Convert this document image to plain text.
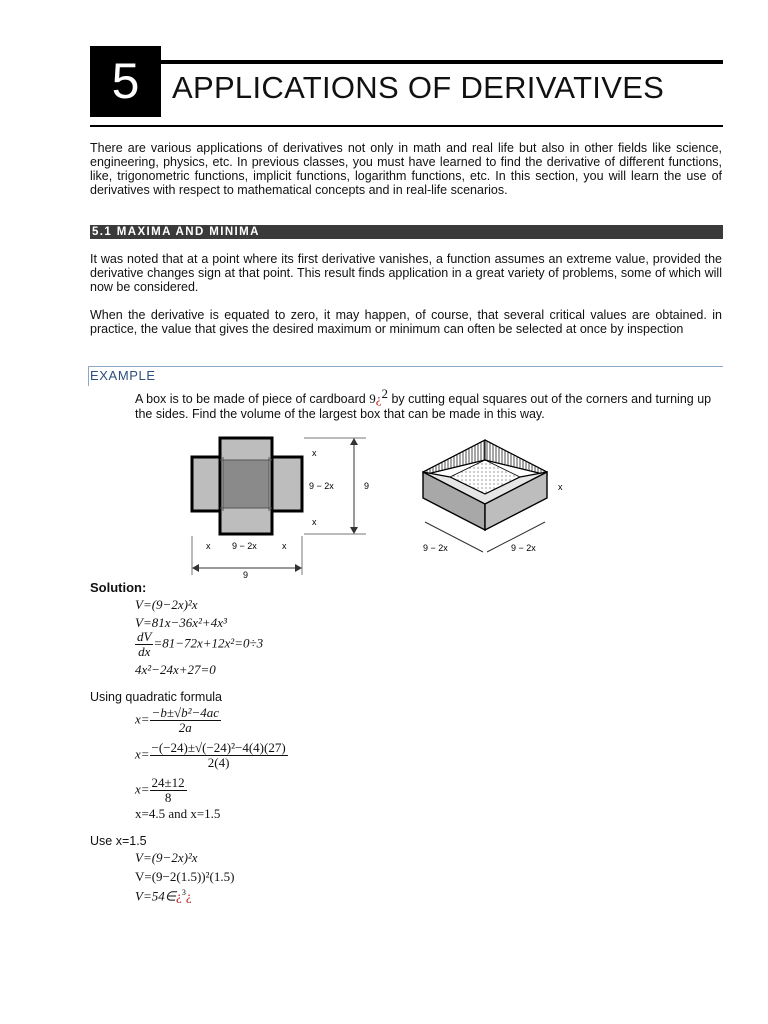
5	APPLICATIONS OF DERIVATIVES
There are various applications of derivatives not only in math and real life but also in other fields like science, engineering, physics, etc. In previous classes, you must have learned to find the derivative of different functions, like, trigonometric functions, implicit functions, logarithm functions, etc. In this section, you will learn the use of derivatives with respect to mathematical concepts and in real-life scenarios.
5.1 MAXIMA AND MINIMA
It was noted that at a point where its first derivative vanishes, a function assumes an extreme value, provided the derivative changes sign at that point. This result finds application in a great variety of problems, some of which will now be considered.
When the derivative is equated to zero, it may happen, of course, that several critical values are obtained. in practice, the value that gives the desired maximum or minimum can often be selected at once by inspection
EXAMPLE
A box is to be made of piece of cardboard 9¿$^2$ by cutting equal squares out of the corners and turning up the sides. Find the volume of the largest box that can be made in this way.
x
9 − 2x	9
x
x 9 − 2x	x
9
x
9 − 2x	9 − 2x
Solution:
V=(9−2x)²x
V=81x−36x²+4x³
$\frac{dV}{dx} =81-72x+12x^2=0\div 3$
4x²−24x+27=0
Using quadratic formula
$x= \frac{\text{−b±√b²−4ac}}{2a}$
$x= \frac{\text{−(−24)±√(−24)²−4(4)(27)}}{2(4)}$
$x= \frac{24\pm 12}{8}$
x=4.5 and x=1.5
Use x=1.5
V=(9−2x)²x
V=(9−2(1.5))²(1.5)
V=54∈¿$^3$¿
